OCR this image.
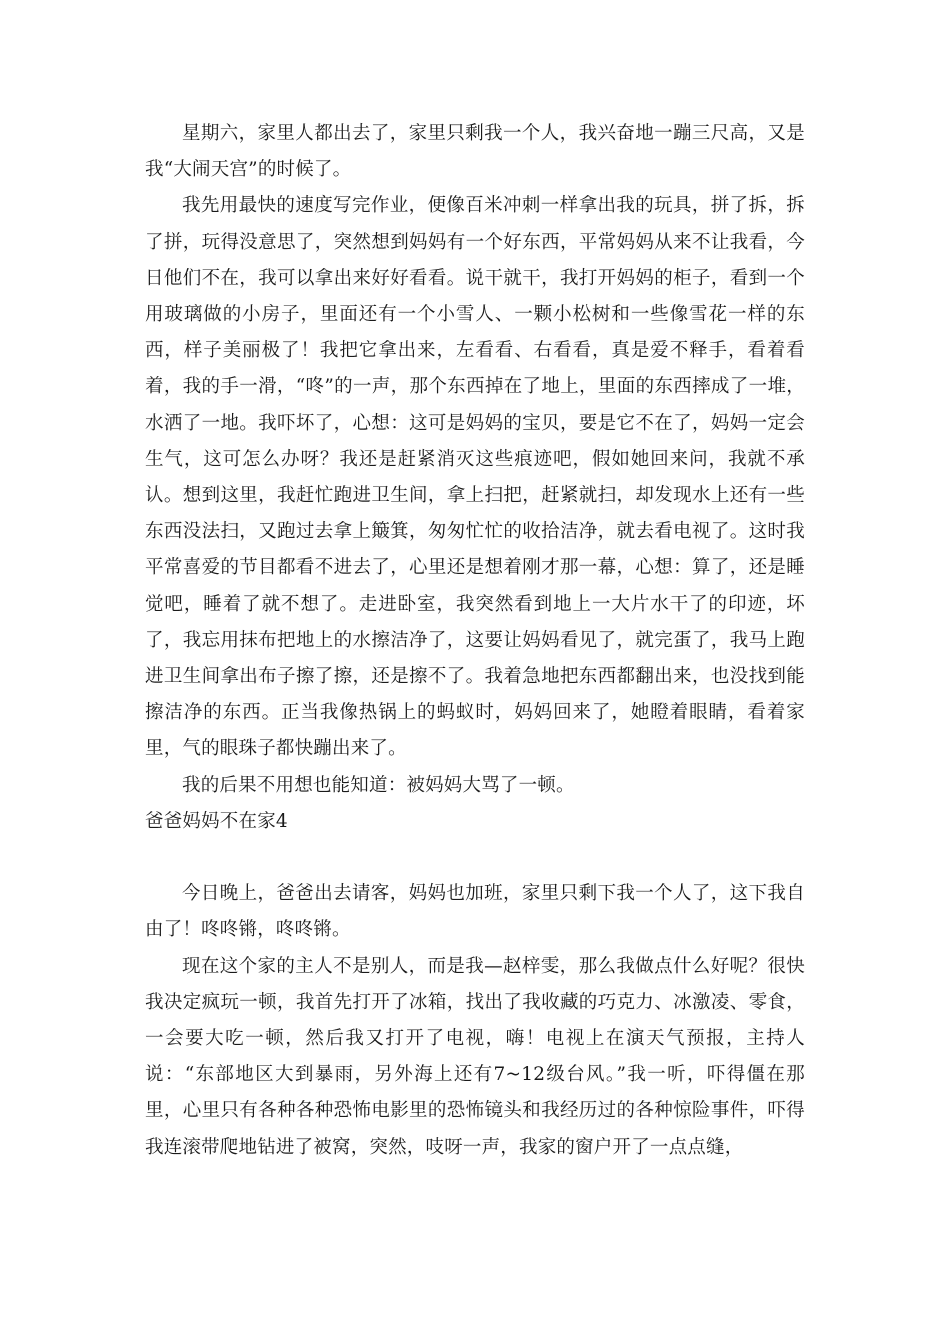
星期六，家里人都出去了，家里只剩我一个人，我兴奋地一蹦三尺高，又是我“大闹天宫”的时候了。

我先用最快的速度写完作业，便像百米冲刺一样拿出我的玩具，拼了拆，拆了拼，玩得没意思了，突然想到妈妈有一个好东西，平常妈妈从来不让我看，今日他们不在，我可以拿出来好好看看。说干就干，我打开妈妈的柜子，看到一个用玻璃做的小房子，里面还有一个小雪人、一颗小松树和一些像雪花一样的东西，样子美丽极了！我把它拿出来，左看看、右看看，真是爱不释手，看着看着，我的手一滑，“咚”的一声，那个东西掉在了地上，里面的东西摔成了一堆，水洒了一地。我吓坏了，心想：这可是妈妈的宝贝，要是它不在了，妈妈一定会生气，这可怎么办呀？我还是赶紧消灭这些痕迹吧，假如她回来问，我就不承认。想到这里，我赶忙跑进卫生间，拿上扫把，赶紧就扫，却发现水上还有一些东西没法扫，又跑过去拿上簸箕，匆匆忙忙的收拾洁净，就去看电视了。这时我平常喜爱的节目都看不进去了，心里还是想着刚才那一幕，心想：算了，还是睡觉吧，睡着了就不想了。走进卧室，我突然看到地上一大片水干了的印迹，坏了，我忘用抹布把地上的水擦洁净了，这要让妈妈看见了，就完蛋了，我马上跑进卫生间拿出布子擦了擦，还是擦不了。我着急地把东西都翻出来，也没找到能擦洁净的东西。正当我像热锅上的蚂蚁时，妈妈回来了，她瞪着眼睛，看着家里，气的眼珠子都快蹦出来了。

我的后果不用想也能知道：被妈妈大骂了一顿。

爸爸妈妈不在家4

今日晚上，爸爸出去请客，妈妈也加班，家里只剩下我一个人了，这下我自由了！咚咚锵，咚咚锵。

现在这个家的主人不是别人，而是我—赵梓雯，那么我做点什么好呢？很快我决定疯玩一顿，我首先打开了冰箱，找出了我收藏的巧克力、冰激凌、零食，一会要大吃一顿，然后我又打开了电视，嗨！电视上在演天气预报，主持人说：“东部地区大到暴雨，另外海上还有7~12级台风。”我一听，吓得僵在那里，心里只有各种各种恐怖电影里的恐怖镜头和我经历过的各种惊险事件，吓得我连滚带爬地钻进了被窝，突然，吱呀一声，我家的窗户开了一点点缝，
